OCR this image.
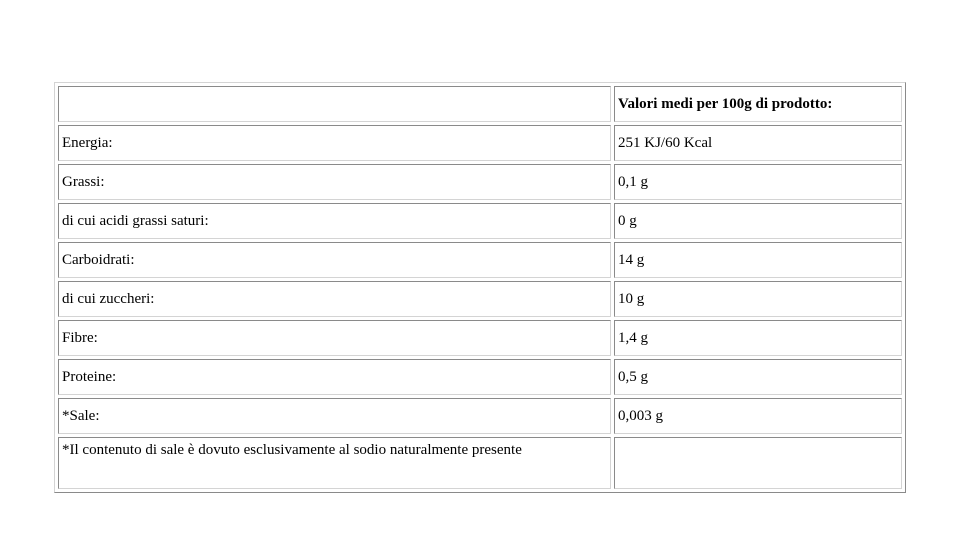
	Valori medi per 100g di prodotto:
Energia:	251 KJ/60 Kcal
Grassi:	0,1 g
di cui acidi grassi saturi:	0 g
Carboidrati:	14 g
di cui zuccheri:	10 g
Fibre:	1,4 g
Proteine:	0,5 g
*Sale:	0,003 g
*Il contenuto di sale è dovuto esclusivamente al sodio naturalmente presente	
